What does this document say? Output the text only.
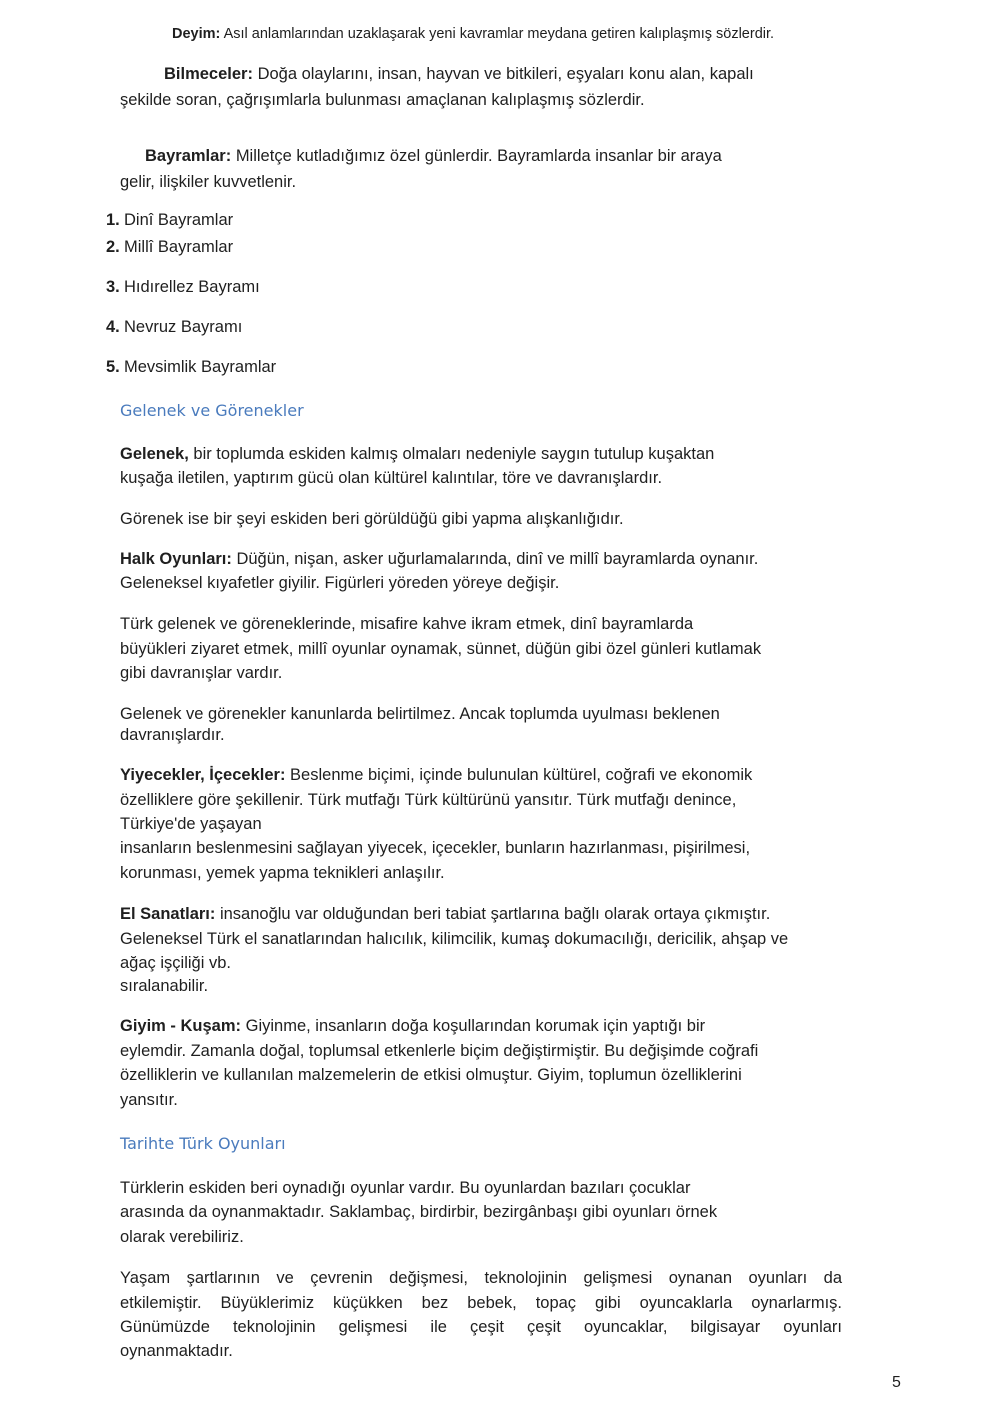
Deyim: Asıl anlamlarından uzaklaşarak yeni kavramlar meydana getiren kalıplaşmış sözlerdir.
Bilmeceler: Doğa olaylarını, insan, hayvan ve bitkileri, eşyaları konu alan, kapalı
şekilde soran, çağrışımlarla bulunması amaçlanan kalıplaşmış sözlerdir.
Bayramlar: Milletçe kutladığımız özel günlerdir. Bayramlarda insanlar bir araya
gelir, ilişkiler kuvvetlenir.
1. Dinî Bayramlar
2. Millî Bayramlar
3. Hıdırellez Bayramı
4. Nevruz Bayramı
5. Mevsimlik Bayramlar
Gelenek ve Görenekler
Gelenek, bir toplumda eskiden kalmış olmaları nedeniyle saygın tutulup kuşaktan
kuşağa iletilen, yaptırım gücü olan kültürel kalıntılar, töre ve davranışlardır.
Görenek ise bir şeyi eskiden beri görüldüğü gibi yapma alışkanlığıdır.
Halk Oyunları: Düğün, nişan, asker uğurlamalarında, dinî ve millî bayramlarda oynanır.
Geleneksel kıyafetler giyilir. Figürleri yöreden yöreye değişir.
Türk gelenek ve göreneklerinde, misafire kahve ikram etmek, dinî bayramlarda
büyükleri ziyaret etmek, millî oyunlar oynamak, sünnet, düğün gibi özel günleri kutlamak
gibi davranışlar vardır.
Gelenek ve görenekler kanunlarda belirtilmez. Ancak toplumda uyulması beklenen
davranışlardır.
Yiyecekler, İçecekler: Beslenme biçimi, içinde bulunulan kültürel, coğrafi ve ekonomik
özelliklere göre şekillenir. Türk mutfağı Türk kültürünü yansıtır. Türk mutfağı denince,
Türkiye'de yaşayan
insanların beslenmesini sağlayan yiyecek, içecekler, bunların hazırlanması, pişirilmesi,
korunması, yemek yapma teknikleri anlaşılır.
El Sanatları: insanoğlu var olduğundan beri tabiat şartlarına bağlı olarak ortaya çıkmıştır.
Geleneksel Türk el sanatlarından halıcılık, kilimcilik, kumaş dokumacılığı, dericilik, ahşap ve
ağaç işçiliği vb.
sıralanabilir.
Giyim - Kuşam: Giyinme, insanların doğa koşullarından korumak için yaptığı bir
eylemdir. Zamanla doğal, toplumsal etkenlerle biçim değiştirmiştir. Bu değişimde coğrafi
özelliklerin ve kullanılan malzemelerin de etkisi olmuştur. Giyim, toplumun özelliklerini
yansıtır.
Tarihte Türk Oyunları
Türklerin eskiden beri oynadığı oyunlar vardır. Bu oyunlardan bazıları çocuklar
arasında da oynanmaktadır. Saklambaç, birdirbir, bezirgânbaşı gibi oyunları örnek
olarak verebiliriz.
Yaşam şartlarının ve çevrenin değişmesi, teknolojinin gelişmesi oynanan oyunları da
etkilemiştir. Büyüklerimiz küçükken bez bebek, topaç gibi oyuncaklarla oynarlarmış.
Günümüzde teknolojinin gelişmesi ile çeşit çeşit oyuncaklar, bilgisayar oyunları
oynanmaktadır.
5
